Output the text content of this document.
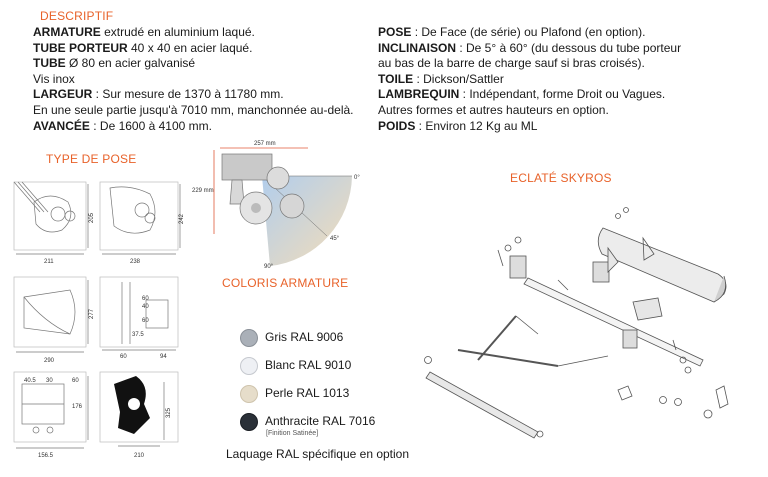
DESCRIPTIF
ARMATURE extrudé en aluminium laqué.
TUBE PORTEUR 40 x 40 en acier laqué.
TUBE Ø 80 en acier galvanisé
Vis inox
LARGEUR : Sur mesure de 1370 à 11780 mm.
En une seule partie jusqu'à 7010 mm, manchonnée au-delà.
AVANCÉE : De 1600 à 4100 mm.
POSE : De Face (de série) ou Plafond (en option).
INCLINAISON : De 5° à 60° (du dessous du tube porteur
au bas de la barre de charge sauf si bras croisés).
TOILE : Dickson/Sattler
LAMBREQUIN : Indépendant, forme Droit ou Vagues.
Autres formes et autres hauteurs en option.
POIDS : Environ 12 Kg au ML
TYPE DE POSE
211
205
238
242
290
277
60
40
60
37.5
60	94
40.5 30	60
176
156.5
325
210
257 mm
229 mm
0°
45°
90°
COLORIS ARMATURE
Gris RAL 9006
Blanc RAL 9010
Perle RAL 1013
Anthracite RAL 7016
[Finition Satinée]
Laquage RAL spécifique en option
ECLATÉ SKYROS
